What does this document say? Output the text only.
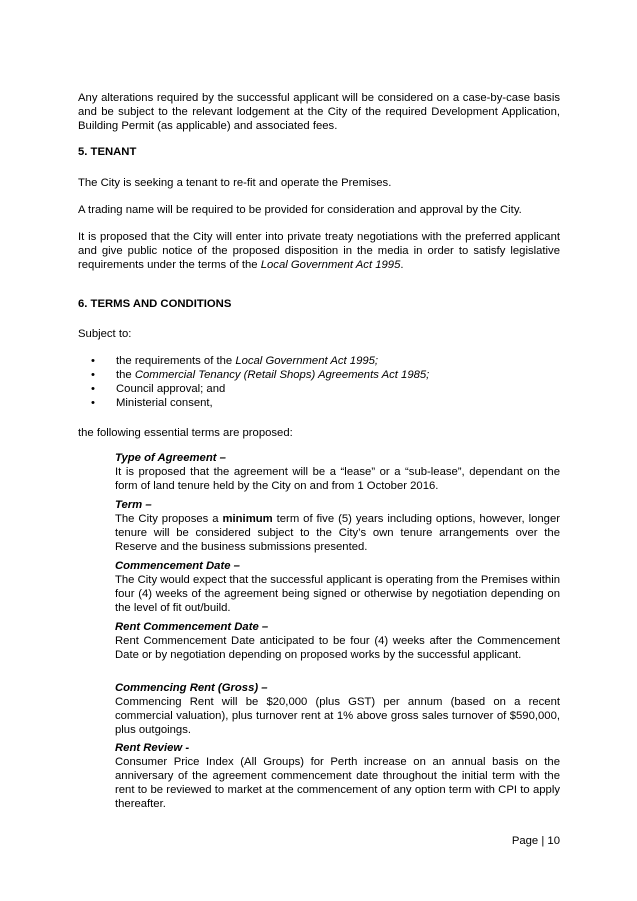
Any alterations required by the successful applicant will be considered on a case-by-case basis and be subject to the relevant lodgement at the City of the required Development Application, Building Permit (as applicable) and associated fees.

5. TENANT

The City is seeking a tenant to re-fit and operate the Premises.

A trading name will be required to be provided for consideration and approval by the City.

It is proposed that the City will enter into private treaty negotiations with the preferred applicant and give public notice of the proposed disposition in the media in order to satisfy legislative requirements under the terms of the Local Government Act 1995.

6. TERMS AND CONDITIONS

Subject to:

• the requirements of the Local Government Act 1995;
• the Commercial Tenancy (Retail Shops) Agreements Act 1985;
• Council approval; and
• Ministerial consent,

the following essential terms are proposed:

Type of Agreement –

It is proposed that the agreement will be a “lease” or a “sub-lease”, dependant on the form of land tenure held by the City on and from 1 October 2016.

Term –

The City proposes a minimum term of five (5) years including options, however, longer tenure will be considered subject to the City’s own tenure arrangements over the Reserve and the business submissions presented.

Commencement Date –

The City would expect that the successful applicant is operating from the Premises within four (4) weeks of the agreement being signed or otherwise by negotiation depending on the level of fit out/build.

Rent Commencement Date –

Rent Commencement Date anticipated to be four (4) weeks after the Commencement Date or by negotiation depending on proposed works by the successful applicant.

Commencing Rent (Gross) –

Commencing Rent will be $20,000 (plus GST) per annum (based on a recent commercial valuation), plus turnover rent at 1% above gross sales turnover of $590,000, plus outgoings.

Rent Review -

Consumer Price Index (All Groups) for Perth increase on an annual basis on the anniversary of the agreement commencement date throughout the initial term with the rent to be reviewed to market at the commencement of any option term with CPI to apply thereafter.

Page | 10
